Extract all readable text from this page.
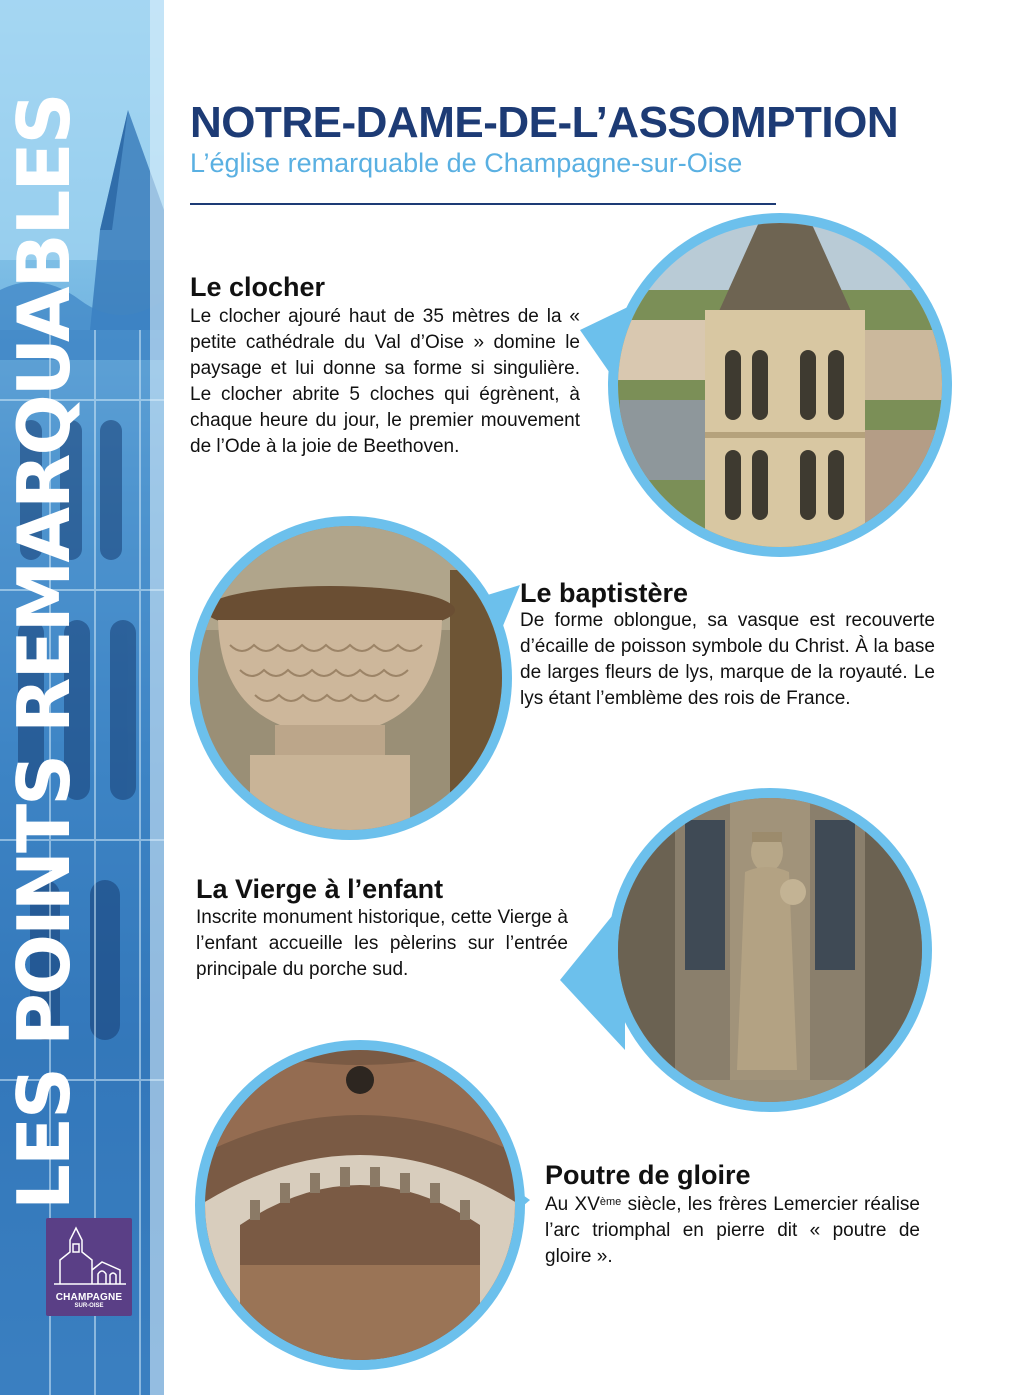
LES POINTS REMARQUABLES
CHAMPAGNE
SUR-OISE
NOTRE-DAME-DE-L’ASSOMPTION
L’église remarquable de Champagne-sur-Oise
Le clocher
Le clocher ajouré haut de 35 mètres de la « petite cathédrale du Val d’Oise » domine le paysage et lui donne sa forme si singulière. Le clocher abrite 5 cloches qui égrènent, à chaque heure du jour, le premier mouvement de l’Ode à la joie de Beethoven.
Le baptistère
De forme oblongue, sa vasque est recouverte d’écaille de poisson symbole du Christ. À la base de larges fleurs de lys, marque de la royauté. Le lys étant l’emblème des rois de France.
La Vierge à l’enfant
Inscrite monument historique, cette Vierge à l’enfant accueille les pèlerins sur l’entrée principale du porche sud.
Poutre de gloire
Au XVème siècle, les frères Lemercier réalise l’arc triomphal en pierre dit « poutre de gloire ».
